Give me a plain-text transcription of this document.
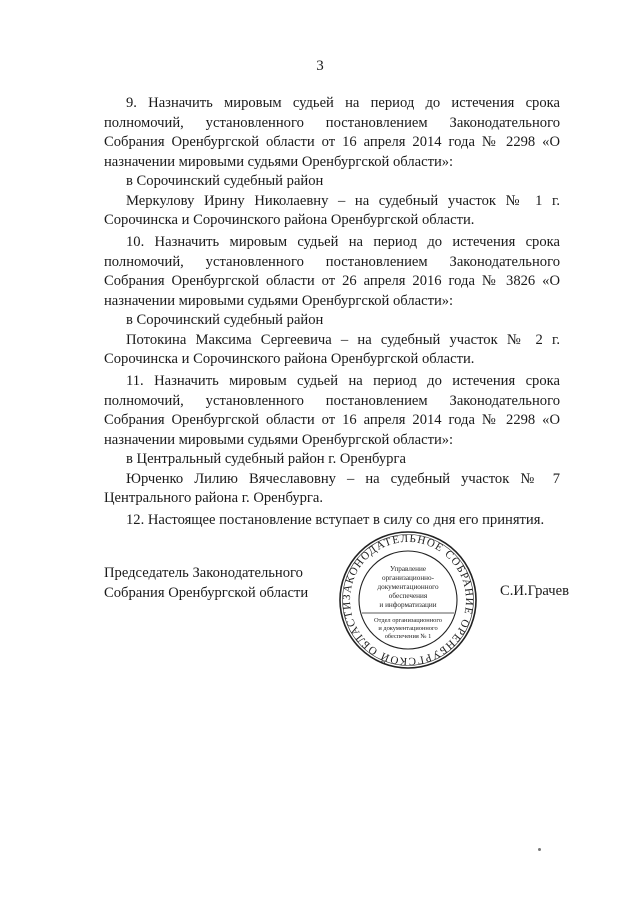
3

9. Назначить мировым судьей на период до истечения срока полномочий, установленного постановлением Законодательного Собрания Оренбургской области от 16 апреля 2014 года № 2298 «О назначении мировыми судьями Оренбургской области»:

в Сорочинский судебный район

Меркулову Ирину Николаевну – на судебный участок № 1 г. Сорочинска и Сорочинского района Оренбургской области.

10. Назначить мировым судьей на период до истечения срока полномочий, установленного постановлением Законодательного Собрания Оренбургской области от 26 апреля 2016 года № 3826 «О назначении мировыми судьями Оренбургской области»:

в Сорочинский судебный район

Потокина Максима Сергеевича – на судебный участок № 2 г. Сорочинска и Сорочинского района Оренбургской области.

11. Назначить мировым судьей на период до истечения срока полномочий, установленного постановлением Законодательного Собрания Оренбургской области от 16 апреля 2014 года № 2298 «О назначении мировыми судьями Оренбургской области»:

в Центральный судебный район г. Оренбурга

Юрченко Лилию Вячеславовну – на судебный участок № 7 Центрального района г. Оренбурга.

12. Настоящее постановление вступает в силу со дня его принятия.

Председатель Законодательного
Собрания Оренбургской области	ЗАКОНОДАТЕЛЬНОЕ СОБРАНИЕ ОРЕНБУРГСКОЙ ОБЛАСТИ
Управление
организационно-
документационного
обеспечения
и информатизации
Отдел организационного
и документационного
обеспечения № 1
С.И.Грачев
